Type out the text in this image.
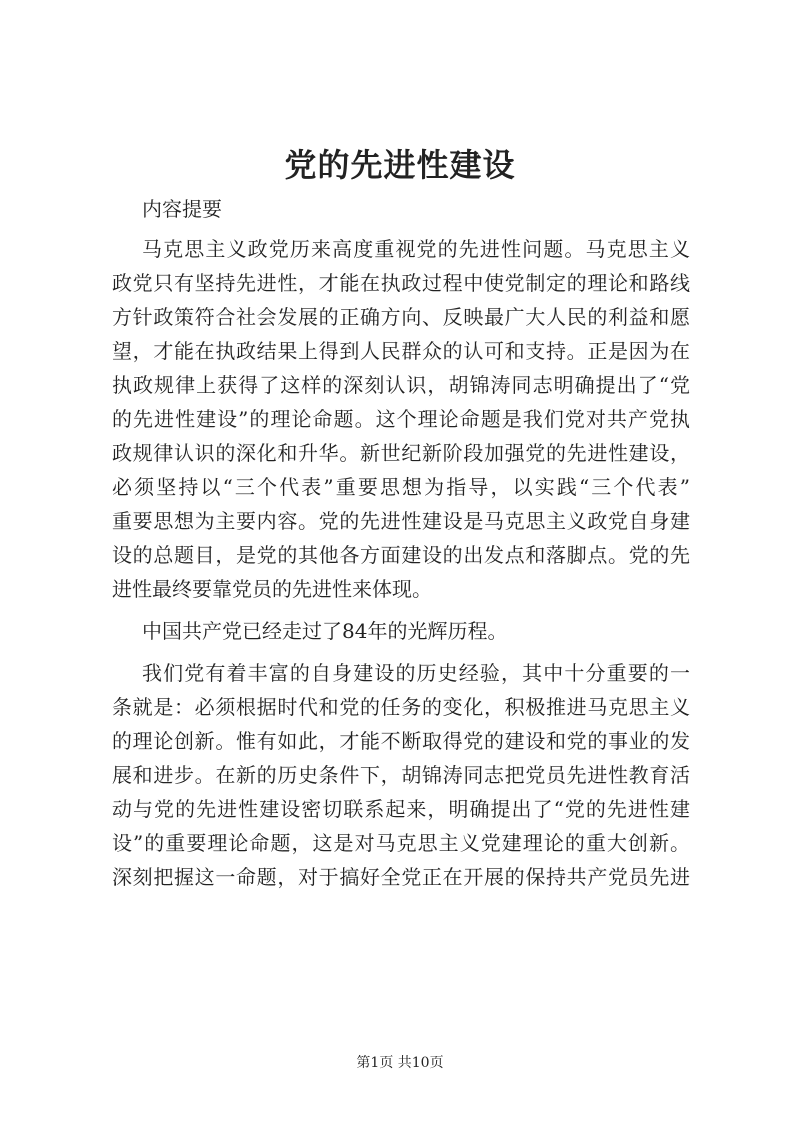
党的先进性建设
内容提要
马克思主义政党历来高度重视党的先进性问题。马克思主义
政党只有坚持先进性，才能在执政过程中使党制定的理论和路线
方针政策符合社会发展的正确方向、反映最广大人民的利益和愿
望，才能在执政结果上得到人民群众的认可和支持。正是因为在
执政规律上获得了这样的深刻认识，胡锦涛同志明确提出了“党
的先进性建设”的理论命题。这个理论命题是我们党对共产党执
政规律认识的深化和升华。新世纪新阶段加强党的先进性建设，
必须坚持以“三个代表”重要思想为指导，以实践“三个代表”
重要思想为主要内容。党的先进性建设是马克思主义政党自身建
设的总题目，是党的其他各方面建设的出发点和落脚点。党的先
进性最终要靠党员的先进性来体现。
中国共产党已经走过了84年的光辉历程。
我们党有着丰富的自身建设的历史经验，其中十分重要的一
条就是：必须根据时代和党的任务的变化，积极推进马克思主义
的理论创新。惟有如此，才能不断取得党的建设和党的事业的发
展和进步。在新的历史条件下，胡锦涛同志把党员先进性教育活
动与党的先进性建设密切联系起来，明确提出了“党的先进性建
设”的重要理论命题，这是对马克思主义党建理论的重大创新。
深刻把握这一命题，对于搞好全党正在开展的保持共产党员先进
第1页 共10页
